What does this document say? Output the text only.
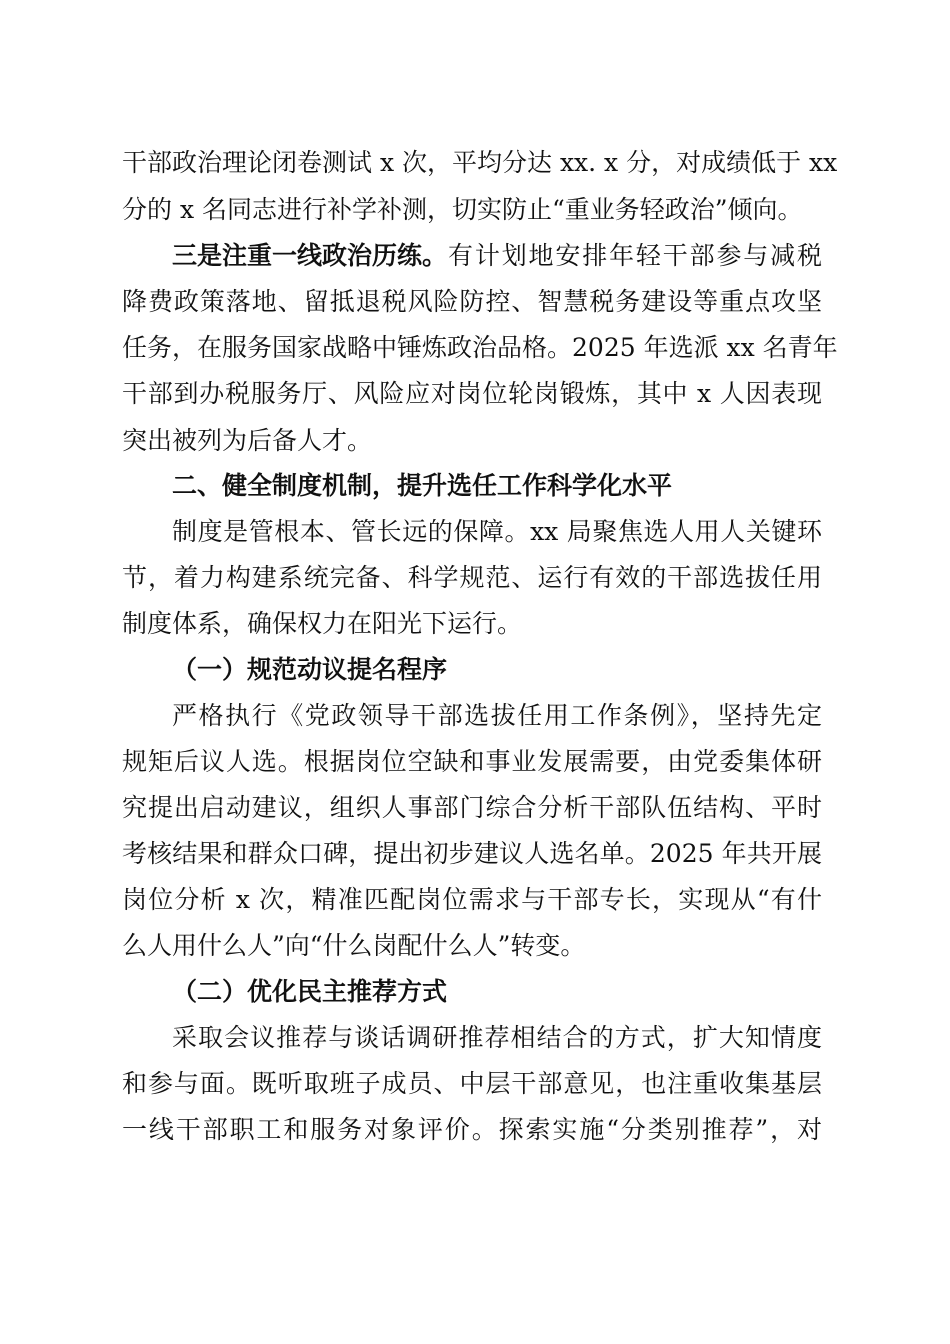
干部政治理论闭卷测试 x 次，平均分达 xx. x 分，对成绩低于 xx
分的 x 名同志进行补学补测，切实防止“重业务轻政治”倾向。
三是注重一线政治历练。 有计划地安排年轻干部参与减税
降费政策落地、留抵退税风险防控、智慧税务建设等重点攻坚
任务，在服务国家战略中锤炼政治品格。2025 年选派 xx 名青年
干部到办税服务厅、风险应对岗位轮岗锻炼，其中 x 人因表现
突出被列为后备人才。
二、健全制度机制，提升选任工作科学化水平
制度是管根本、管长远的保障。xx 局聚焦选人用人关键环
节，着力构建系统完备、科学规范、运行有效的干部选拔任用
制度体系，确保权力在阳光下运行。
（一）规范动议提名程序
严格执行《党政领导干部选拔任用工作条例》，坚持先定
规矩后议人选。根据岗位空缺和事业发展需要，由党委集体研
究提出启动建议，组织人事部门综合分析干部队伍结构、平时
考核结果和群众口碑，提出初步建议人选名单。2025 年共开展
岗位分析 x 次，精准匹配岗位需求与干部专长，实现从“有什
么人用什么人”向“什么岗配什么人”转变。
（二）优化民主推荐方式
采取会议推荐与谈话调研推荐相结合的方式，扩大知情度
和参与面。既听取班子成员、中层干部意见，也注重收集基层
一线干部职工和服务对象评价。探索实施“分类别推荐”，对
